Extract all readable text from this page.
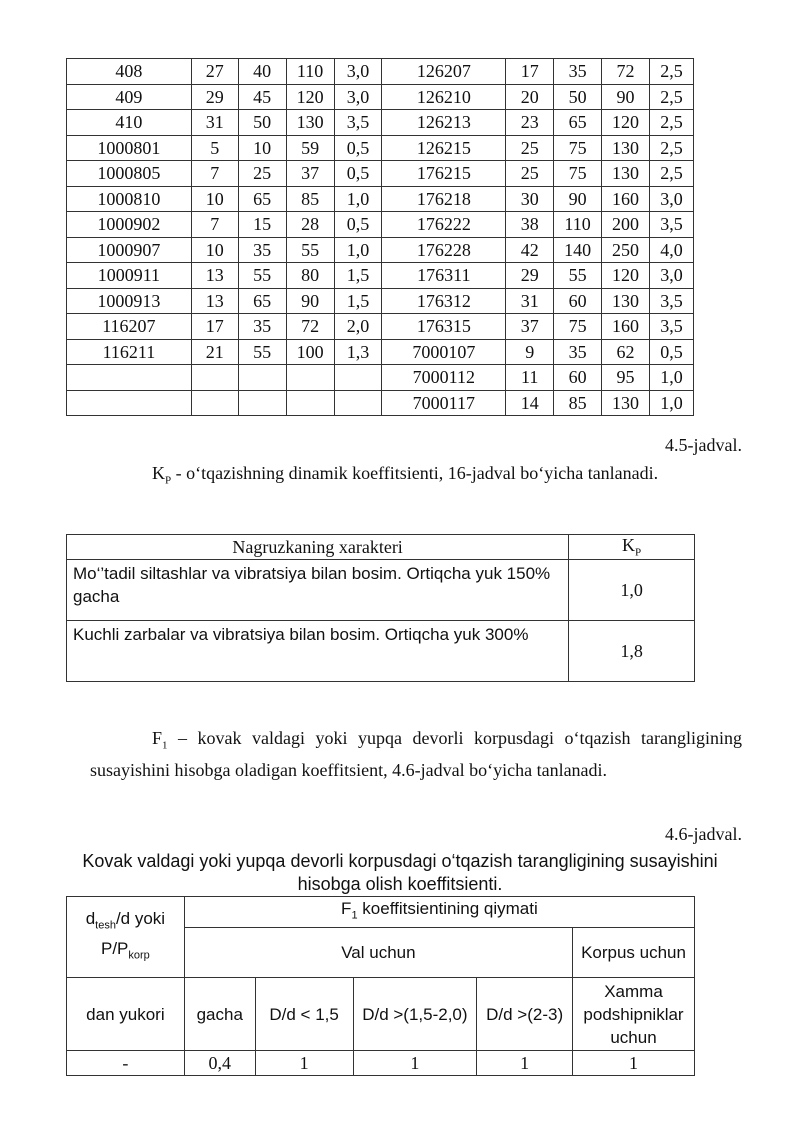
408	27	40	110	3,0	126207	17	35	72	2,5
409	29	45	120	3,0	126210	20	50	90	2,5
410	31	50	130	3,5	126213	23	65	120	2,5
1000801	5	10	59	0,5	126215	25	75	130	2,5
1000805	7	25	37	0,5	176215	25	75	130	2,5
1000810	10	65	85	1,0	176218	30	90	160	3,0
1000902	7	15	28	0,5	176222	38	110	200	3,5
1000907	10	35	55	1,0	176228	42	140	250	4,0
1000911	13	55	80	1,5	176311	29	55	120	3,0
1000913	13	65	90	1,5	176312	31	60	130	3,5
116207	17	35	72	2,0	176315	37	75	160	3,5
116211	21	55	100	1,3	7000107	9	35	62	0,5
					7000112	11	60	95	1,0
					7000117	14	85	130	1,0
4.5-jadval.
$K_P$ - o‘tqazishning dinamik koeffitsienti, 16-jadval bo‘yicha tanlanadi.
Nagruzkaning xarakteri	$K_P$
Mo‘’tadil siltashlar va vibratsiya bilan bosim. Ortiqcha yuk 150% gacha	1,0
Kuchli zarbalar va vibratsiya bilan bosim. Ortiqcha yuk 300%	1,8
$F_1$ – kovak valdagi yoki yupqa devorli korpusdagi o‘tqazish tarangligining susayishini hisobga oladigan koeffitsient, 4.6-jadval bo‘yicha tanlanadi.
4.6-jadval.
Kovak valdagi yoki yupqa devorli korpusdagi o‘tqazish tarangligining susayishini hisobga olish koeffitsienti.
$d_{tesh}/d$ yoki
$P/P_{korp}$	$F_1$ koeffitsientining qiymati				
	Val uchun				Korpus uchun
dan yukori	gacha	D/d < 1,5	D/d >(1,5-2,0)	D/d >(2-3)	Xamma podshipniklar uchun
-	0,4	1	1	1	1
